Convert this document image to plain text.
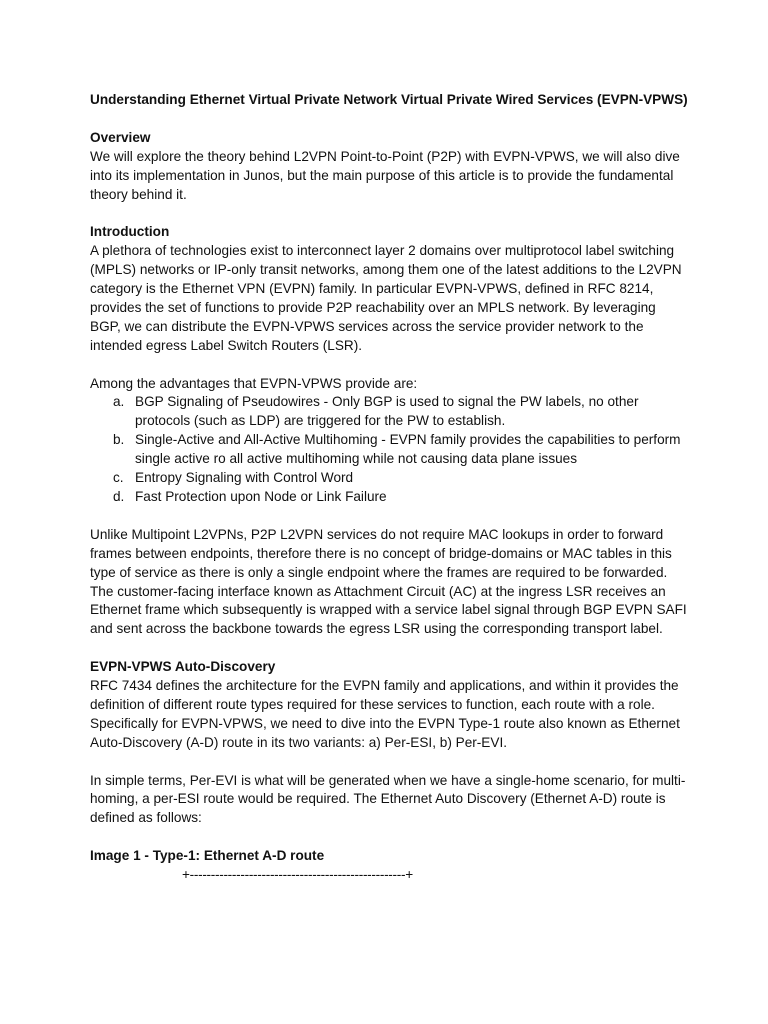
Understanding Ethernet Virtual Private Network Virtual Private Wired Services (EVPN-VPWS)

Overview

We will explore the theory behind L2VPN Point-to-Point (P2P) with EVPN-VPWS, we will also dive into its implementation in Junos, but the main purpose of this article is to provide the fundamental theory behind it.

Introduction

A plethora of technologies exist to interconnect layer 2 domains over multiprotocol label switching (MPLS) networks or IP-only transit networks, among them one of the latest additions to the L2VPN category is the Ethernet VPN (EVPN) family. In particular EVPN-VPWS, defined in RFC 8214, provides the set of functions to provide P2P reachability over an MPLS network. By leveraging BGP, we can distribute the EVPN-VPWS services across the service provider network to the intended egress Label Switch Routers (LSR).

Among the advantages that EVPN-VPWS provide are:

a. BGP Signaling of Pseudowires - Only BGP is used to signal the PW labels, no other protocols (such as LDP) are triggered for the PW to establish.
b. Single-Active and All-Active Multihoming - EVPN family provides the capabilities to perform single active ro all active multihoming while not causing data plane issues
c. Entropy Signaling with Control Word
d. Fast Protection upon Node or Link Failure

Unlike Multipoint L2VPNs, P2P L2VPN services do not require MAC lookups in order to forward frames between endpoints, therefore there is no concept of bridge-domains or MAC tables in this type of service as there is only a single endpoint where the frames are required to be forwarded. The customer-facing interface known as Attachment Circuit (AC) at the ingress LSR receives an Ethernet frame which subsequently is wrapped with a service label signal through BGP EVPN SAFI and sent across the backbone towards the egress LSR using the corresponding transport label.

EVPN-VPWS Auto-Discovery

RFC 7434 defines the architecture for the EVPN family and applications, and within it provides the definition of different route types required for these services to function, each route with a role. Specifically for EVPN-VPWS, we need to dive into the EVPN Type-1 route also known as Ethernet Auto-Discovery (A-D) route in its two variants: a) Per-ESI, b) Per-EVI.

In simple terms, Per-EVI is what will be generated when we have a single-home scenario, for multi-homing, a per-ESI route would be required. The Ethernet Auto Discovery (Ethernet A-D) route is defined as follows:

Image 1 - Type-1: Ethernet A-D route

+---------------------------------------------------+
